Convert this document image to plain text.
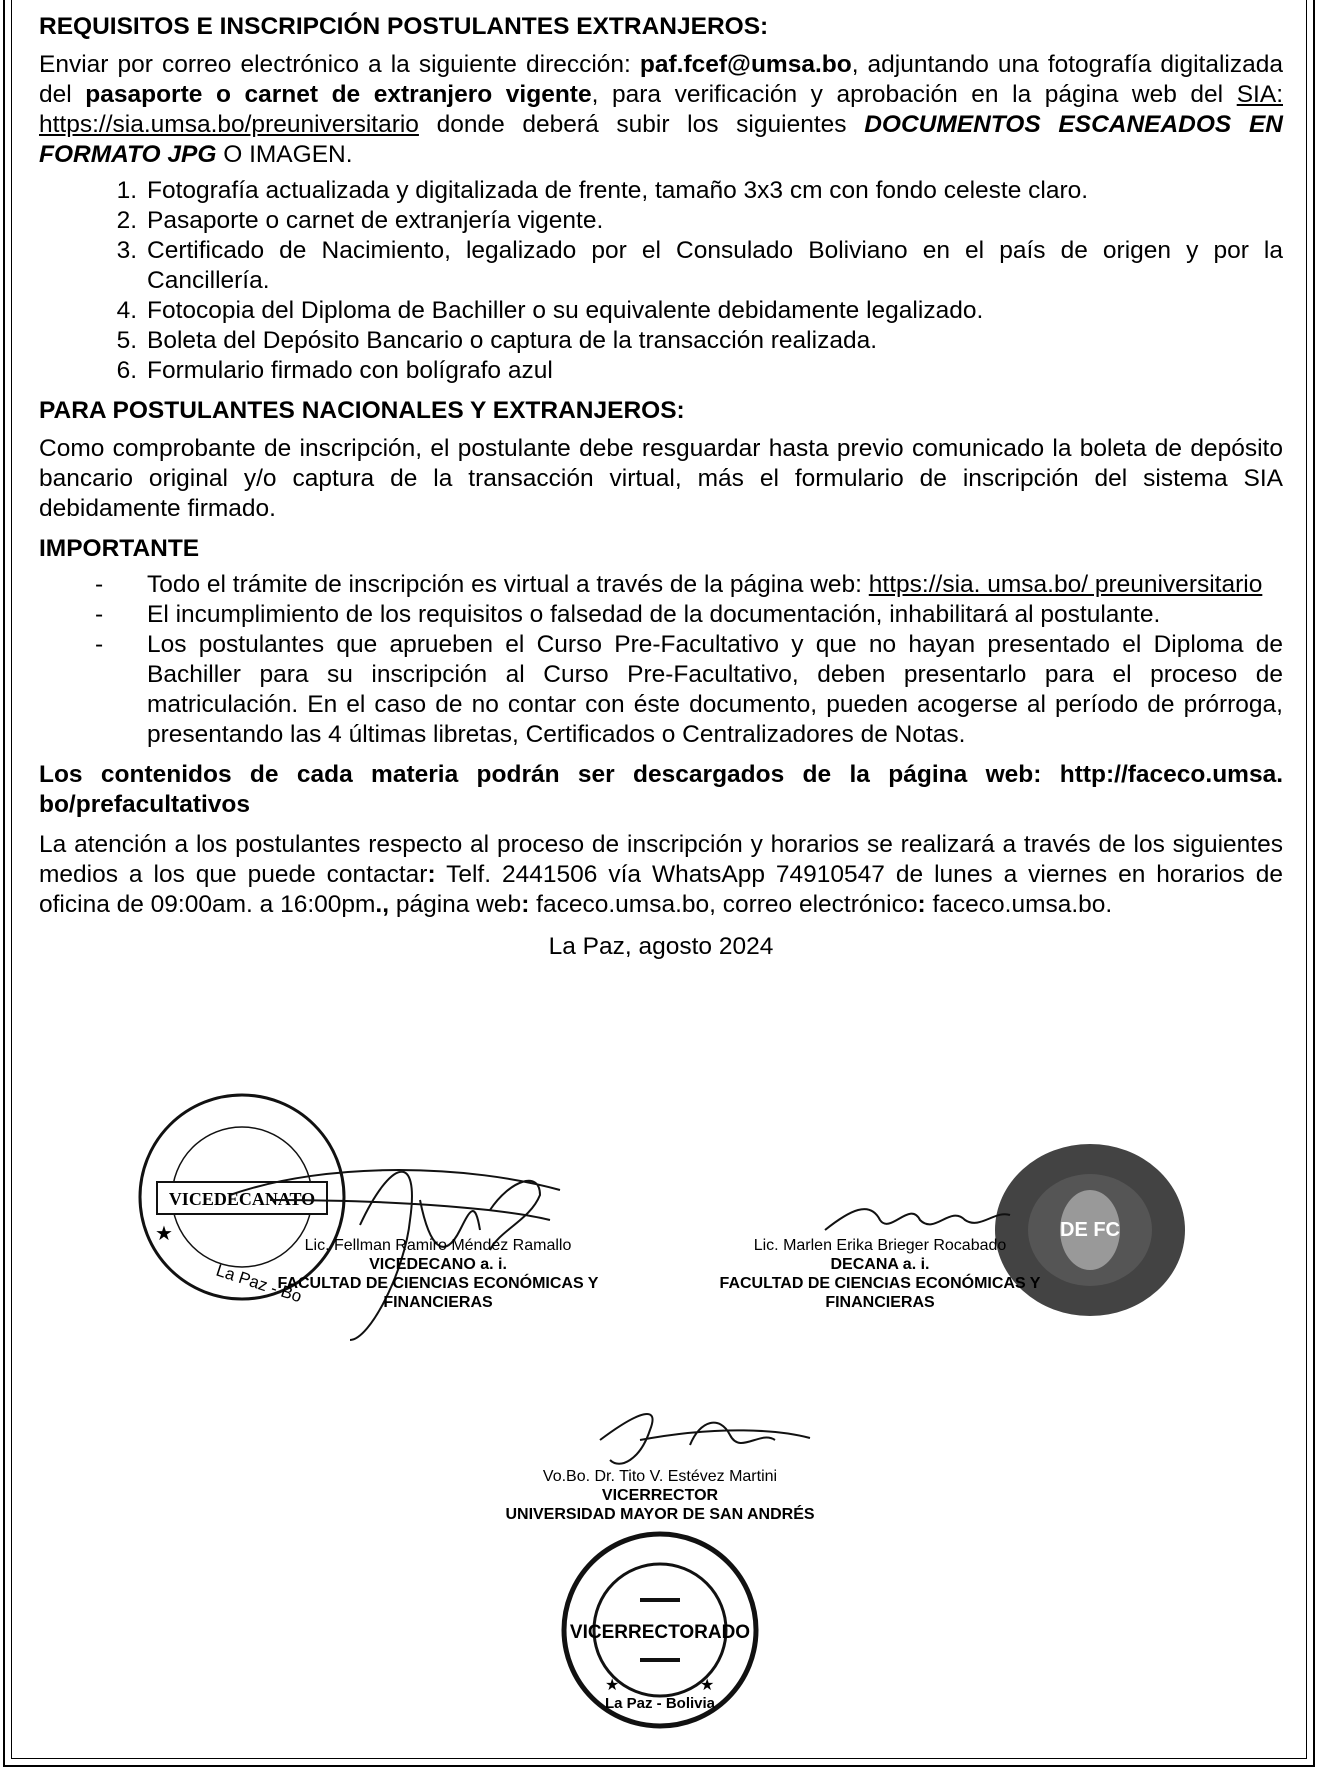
REQUISITOS E INSCRIPCIÓN POSTULANTES EXTRANJEROS:

Enviar por correo electrónico a la siguiente dirección: paf.fcef@umsa.bo, adjuntando una fotografía digitalizada del pasaporte o carnet de extranjero vigente, para verificación y aprobación en la página web del SIA: https://sia.umsa.bo/preuniversitario donde deberá subir los siguientes DOCUMENTOS ESCANEADOS EN FORMATO JPG O IMAGEN.

1. Fotografía actualizada y digitalizada de frente, tamaño 3x3 cm con fondo celeste claro.
2. Pasaporte o carnet de extranjería vigente.
3. Certificado de Nacimiento, legalizado por el Consulado Boliviano en el país de origen y por la Cancillería.
4. Fotocopia del Diploma de Bachiller o su equivalente debidamente legalizado.
5. Boleta del Depósito Bancario o captura de la transacción realizada.
6. Formulario firmado con bolígrafo azul
PARA POSTULANTES NACIONALES Y EXTRANJEROS:

Como comprobante de inscripción, el postulante debe resguardar hasta previo comunicado la boleta de depósito bancario original y/o captura de la transacción virtual, más el formulario de inscripción del sistema SIA debidamente firmado.

IMPORTANTE
- Todo el trámite de inscripción es virtual a través de la página web: https://sia. umsa.bo/ preuniversitario
- El incumplimiento de los requisitos o falsedad de la documentación, inhabilitará al postulante.
- Los postulantes que aprueben el Curso Pre-Facultativo y que no hayan presentado el Diploma de Bachiller para su inscripción al Curso Pre-Facultativo, deben presentarlo para el proceso de matriculación. En el caso de no contar con éste documento, pueden acogerse al período de prórroga, presentando las 4 últimas libretas, Certificados o Centralizadores de Notas.

Los contenidos de cada materia podrán ser descargados de la página web: http://faceco.umsa. bo/prefacultativos

La atención a los postulantes respecto al proceso de inscripción y horarios se realizará a través de los siguientes medios a los que puede contactar: Telf. 2441506 vía WhatsApp 74910547 de lunes a viernes en horarios de oficina de 09:00am. a 16:00pm., página web: faceco.umsa.bo, correo electrónico: faceco.umsa.bo.

La Paz, agosto 2024

VICEDECANATO
La Paz - Bo
★	DE FC
VICERRECTORADO
La Paz - Bolivia
★	★
Lic. Fellman Ramiro Méndez Ramallo
VICEDECANO a. i.
FACULTAD DE CIENCIAS ECONÓMICAS Y
FINANCIERAS
Lic. Marlen Erika Brieger Rocabado
DECANA a. i.
FACULTAD DE CIENCIAS ECONÓMICAS Y
FINANCIERAS
Vo.Bo. Dr. Tito V. Estévez Martini
VICERRECTOR
UNIVERSIDAD MAYOR DE SAN ANDRÉS
